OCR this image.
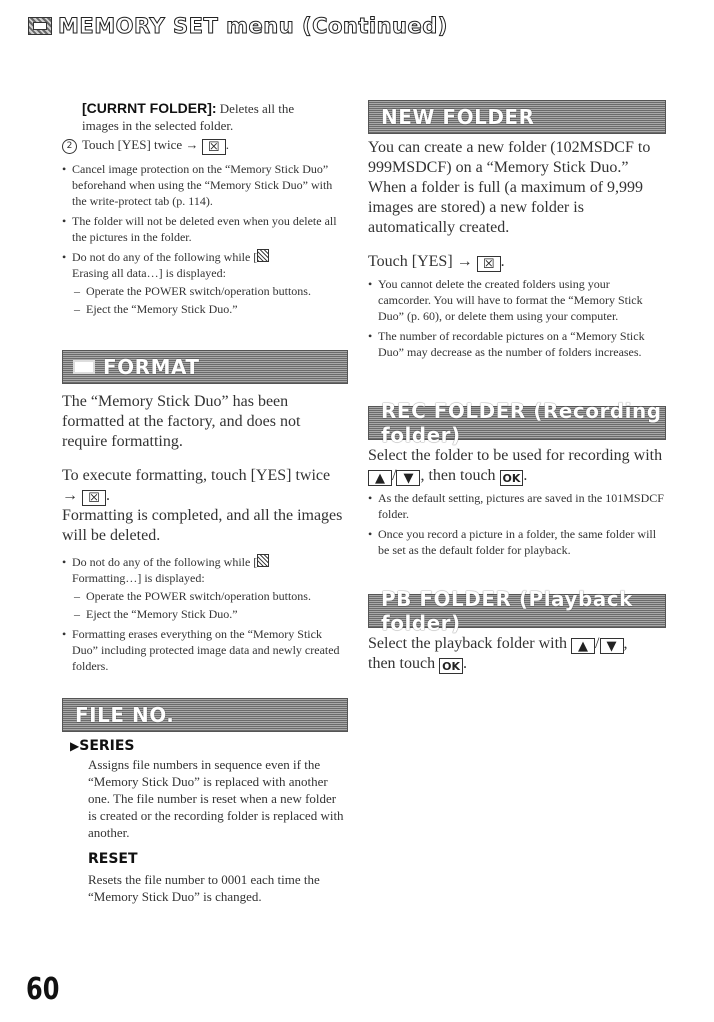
MEMORY SET menu (Continued)
[CURRNT FOLDER]: Deletes all the
images in the selected folder.
2 Touch [YES] twice → ☒ .
• Cancel image protection on the “Memory Stick Duo” beforehand when using the “Memory Stick Duo” with the write-protect tab (p. 114).
• The folder will not be deleted even when you delete all the pictures in the folder.
• Do not do any of the following while [
Erasing all data…] is displayed:
– Operate the POWER switch/operation buttons.
– Eject the “Memory Stick Duo.”
FORMAT
The “Memory Stick Duo” has been formatted at the factory, and does not require formatting.
To execute formatting, touch [YES] twice
→ ☒ .
Formatting is completed, and all the images will be deleted.
• Do not do any of the following while [
Formatting…] is displayed:
– Operate the POWER switch/operation buttons.
– Eject the “Memory Stick Duo.”
• Formatting erases everything on the “Memory Stick Duo” including protected image data and newly created folders.
FILE NO.
▶SERIES
Assigns file numbers in sequence even if the “Memory Stick Duo” is replaced with another one. The file number is reset when a new folder is created or the recording folder is replaced with another.
RESET
Resets the file number to 0001 each time the “Memory Stick Duo” is changed.
NEW FOLDER
You can create a new folder (102MSDCF to 999MSDCF) on a “Memory Stick Duo.” When a folder is full (a maximum of 9,999 images are stored) a new folder is automatically created.
Touch [YES] → ☒ .
• You cannot delete the created folders using your camcorder. You will have to format the “Memory Stick Duo” (p. 60), or delete them using your computer.
• The number of recordable pictures on a “Memory Stick Duo” may decrease as the number of folders increases.
REC FOLDER (Recording folder)
Select the folder to be used for recording with ▲ / ▼ , then touch OK .
• As the default setting, pictures are saved in the 101MSDCF folder.
• Once you record a picture in a folder, the same folder will be set as the default folder for playback.
PB FOLDER (Playback folder)
Select the playback folder with ▲ / ▼ ,
then touch OK .
60
